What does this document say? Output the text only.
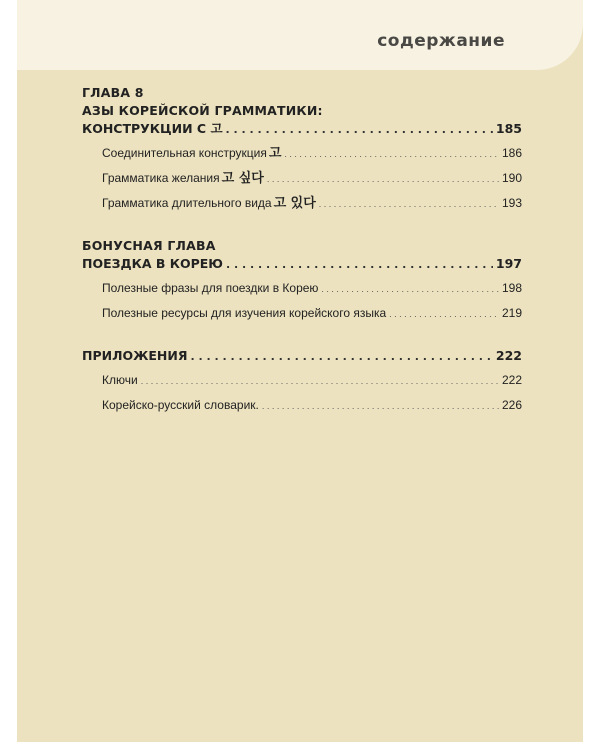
содержание
ГЛАВА 8
АЗЫ КОРЕЙСКОЙ ГРАММАТИКИ:
КОНСТРУКЦИИ С 고 . . .	185
Соединительная конструкция 고 . . .	186
Грамматика желания 고 싶다 . . .	190
Грамматика длительного вида 고 있다 . . .	193
БОНУСНАЯ ГЛАВА
ПОЕЗДКА В КОРЕЮ . . .	197
Полезные фразы для поездки в Корею . . .	198
Полезные ресурсы для изучения корейского языка . . .	219
ПРИЛОЖЕНИЯ . . .	222
Ключи . . .	222
Корейско-русский словарик. . . .	226
